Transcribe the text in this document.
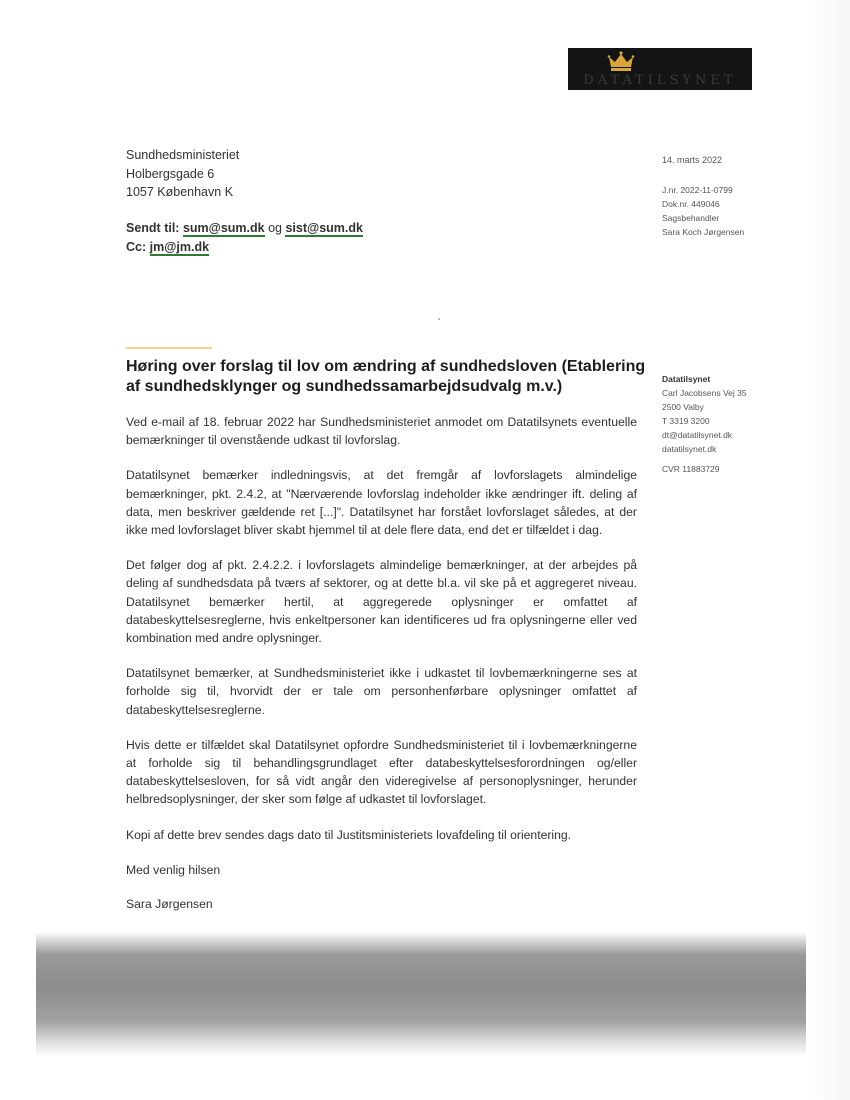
DATATILSYNET
Sundhedsministeriet
Holbergsgade 6
1057 København K
Sendt til: sum@sum.dk og sist@sum.dk
Cc: jm@jm.dk
14. marts 2022
J.nr. 2022-11-0799
Dok.nr. 449046
Sagsbehandler
Sara Koch Jørgensen
Datatilsynet
Carl Jacobsens Vej 35
2500 Valby
T 3319 3200
dt@datatilsynet.dk
datatilsynet.dk
CVR 11883729
Høring over forslag til lov om ændring af sundhedsloven (Etablering af sundhedsklynger og sundhedssamarbejdsudvalg m.v.)

Ved e-mail af 18. februar 2022 har Sundhedsministeriet anmodet om Datatilsynets eventuelle bemærkninger til ovenstående udkast til lovforslag.

Datatilsynet bemærker indledningsvis, at det fremgår af lovforslagets almindelige bemærkninger, pkt. 2.4.2, at "Nærværende lovforslag indeholder ikke ændringer ift. deling af data, men beskriver gældende ret [...]". Datatilsynet har forstået lovforslaget således, at der ikke med lovforslaget bliver skabt hjemmel til at dele flere data, end det er tilfældet i dag.

Det følger dog af pkt. 2.4.2.2. i lovforslagets almindelige bemærkninger, at der arbejdes på deling af sundhedsdata på tværs af sektorer, og at dette bl.a. vil ske på et aggregeret niveau. Datatilsynet bemærker hertil, at aggregerede oplysninger er omfattet af databeskyttelsesreglerne, hvis enkeltpersoner kan identificeres ud fra oplysningerne eller ved kombination med andre oplysninger.

Datatilsynet bemærker, at Sundhedsministeriet ikke i udkastet til lovbemærkningerne ses at forholde sig til, hvorvidt der er tale om personhenførbare oplysninger omfattet af databeskyttelsesreglerne.

Hvis dette er tilfældet skal Datatilsynet opfordre Sundhedsministeriet til i lovbemærkningerne at forholde sig til behandlingsgrundlaget efter databeskyttelsesforordningen og/eller databeskyttelsesloven, for så vidt angår den videregivelse af personoplysninger, herunder helbredsoplysninger, der sker som følge af udkastet til lovforslaget.

Kopi af dette brev sendes dags dato til Justitsministeriets lovafdeling til orientering.

Med venlig hilsen

Sara Jørgensen
